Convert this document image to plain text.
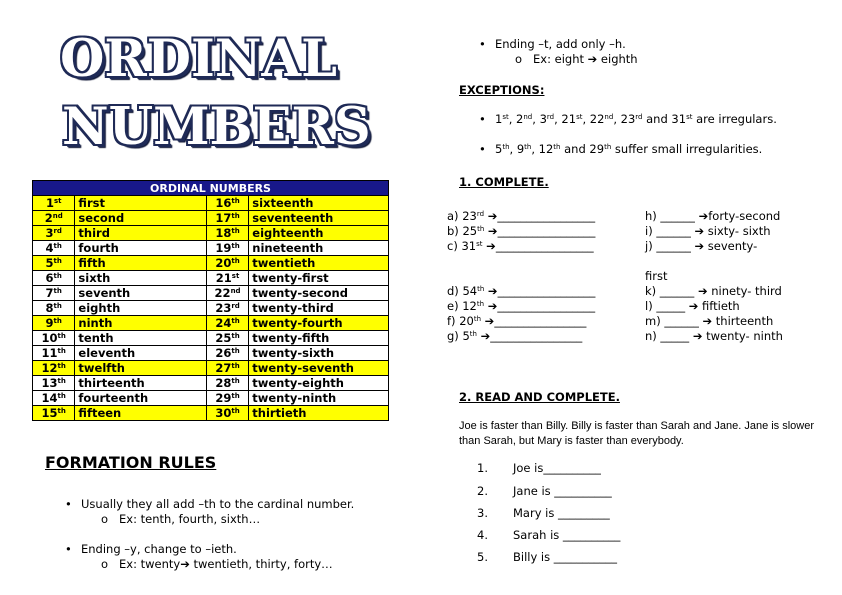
ORDINAL
NUMBERS
ORDINAL NUMBERS			
1st	first	16th	sixteenth
2nd	second	17th	seventeenth
3rd	third	18th	eighteenth
4th	fourth	19th	nineteenth
5th	fifth	20th	twentieth
6th	sixth	21st	twenty-first
7th	seventh	22nd	twenty-second
8th	eighth	23rd	twenty-third
9th	ninth	24th	twenty-fourth
10th	tenth	25th	twenty-fifth
11th	eleventh	26th	twenty-sixth
12th	twelfth	27th	twenty-seventh
13th	thirteenth	28th	twenty-eighth
14th	fourteenth	29th	twenty-ninth
15th	fifteen	30th	thirtieth
FORMATION RULES
• Usually they all add –th to the cardinal number.
o   Ex: tenth, fourth, sixth…
• Ending –y, change to –ieth.
o   Ex: twenty➔ twentieth, thirty, forty…
• Ending –t, add only –h.
o   Ex: eight ➔ eighth
EXCEPTIONS:
• 1st, 2nd, 3rd, 21st, 22nd, 23rd and 31st are irregulars.
• 5th, 9th, 12th and 29th suffer small irregularities.
1. COMPLETE.
a) 23rd ➔_________________
b) 25th ➔_________________
c) 31st ➔_________________
d) 54th ➔_________________
e) 12th ➔_________________
f) 20th ➔________________
g) 5th ➔________________
h) ______ ➔forty-second
i) ______ ➔ sixty- sixth
j) ______ ➔ seventy-
k) ______ ➔ ninety- third
l) _____ ➔ fiftieth
m) ______ ➔ thirteenth
n) _____ ➔ twenty- ninth
first
2. READ AND COMPLETE.
Joe is faster than Billy. Billy is faster than Sarah and Jane. Jane is slower than Sarah, but Mary is faster than everybody.
1. Joe is__________
2. Jane is __________
3. Mary is _________
4. Sarah is __________
5. Billy is ___________
